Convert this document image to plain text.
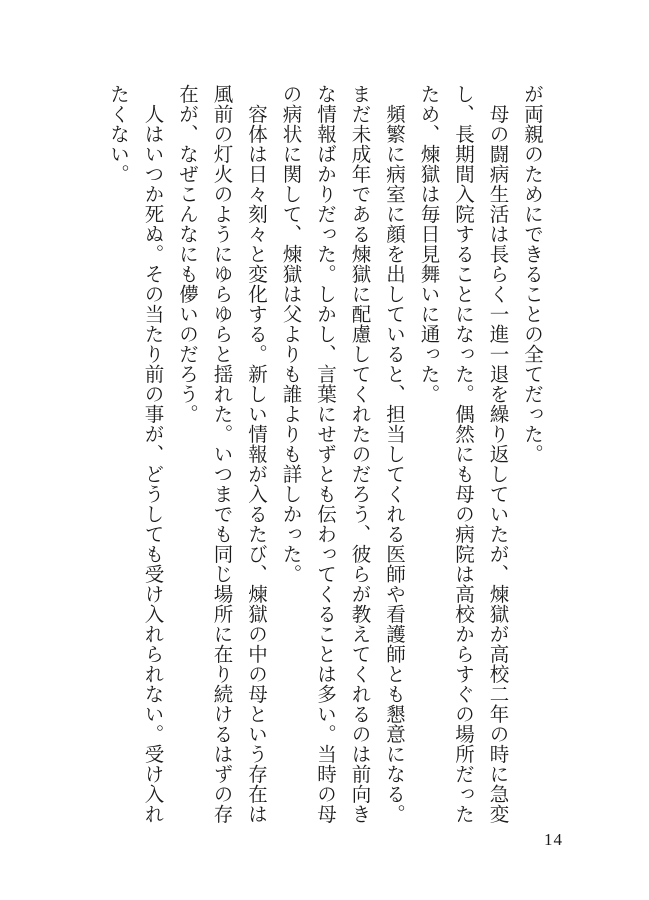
が両親のためにできることの全てだった。

母の闘病生活は長らく一進一退を繰り返していたが、煉獄が高校二年の時に急変し、長期間入院することになった。偶然にも母の病院は高校からすぐの場所だったため、煉獄は毎日見舞いに通った。

頻繁に病室に顔を出していると、担当してくれる医師や看護師とも懇意になる。まだ未成年である煉獄に配慮してくれたのだろう、彼らが教えてくれるのは前向きな情報ばかりだった。しかし、言葉にせずとも伝わってくることは多い。当時の母の病状に関して、煉獄は父よりも誰よりも詳しかった。

容体は日々刻々と変化する。新しい情報が入るたび、煉獄の中の母という存在は風前の灯火のようにゆらゆらと揺れた。いつまでも同じ場所に在り続けるはずの存在が、なぜこんなにも儚いのだろう。

人はいつか死ぬ。その当たり前の事が、どうしても受け入れられない。受け入れたくない。

14
